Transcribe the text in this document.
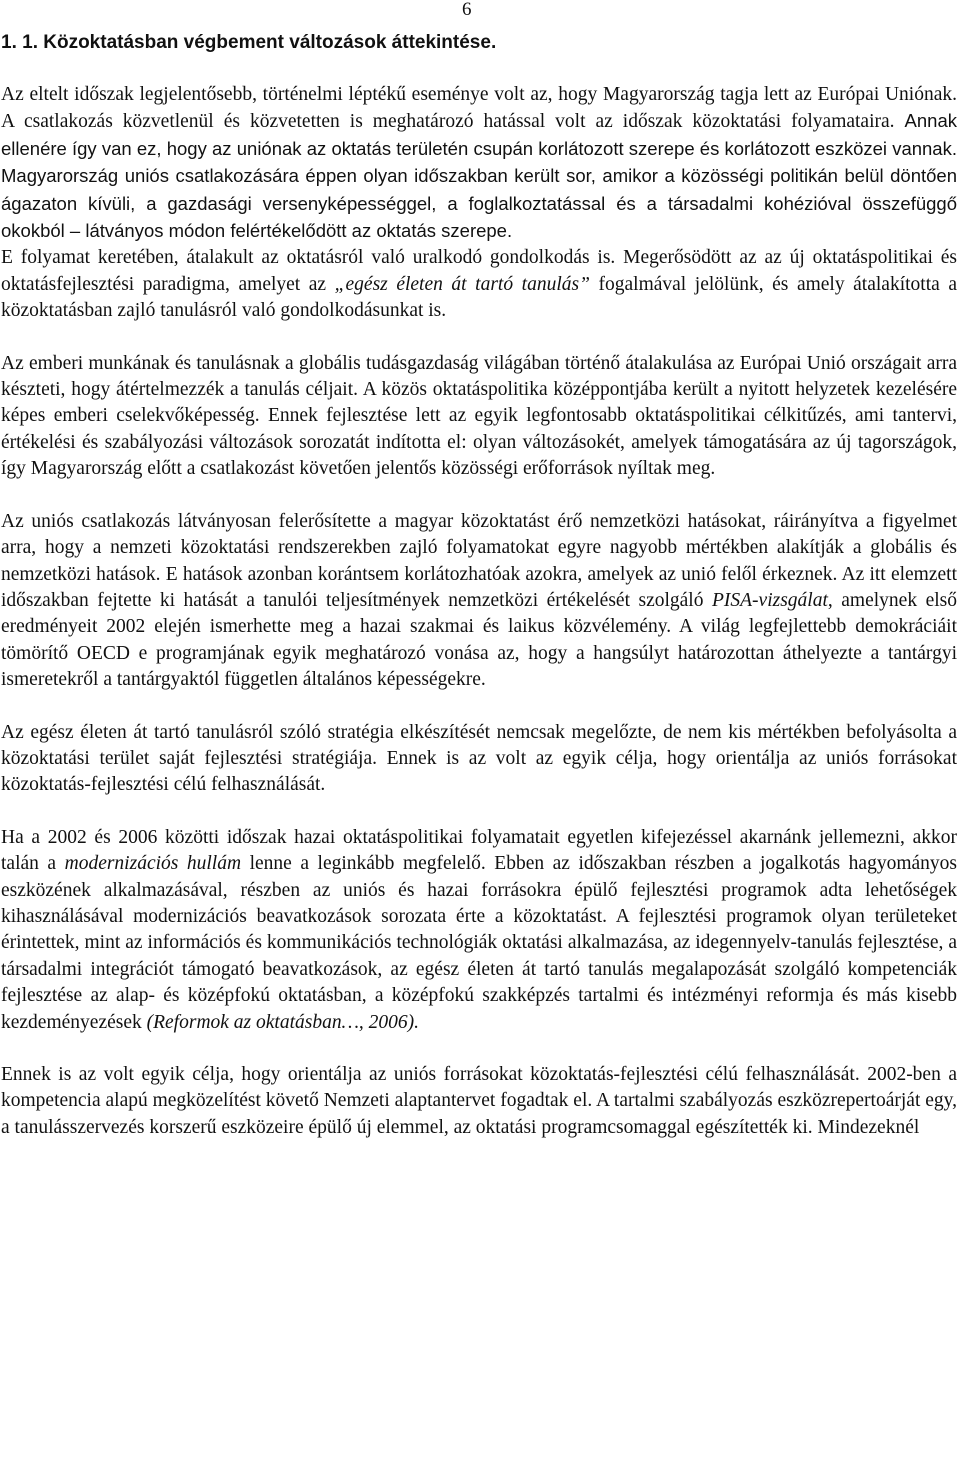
6
1. 1. Közoktatásban végbement változások áttekintése.

Az eltelt időszak legjelentősebb, történelmi léptékű eseménye volt az, hogy Magyarország tagja lett az Európai Uniónak. A csatlakozás közvetlenül és közvetetten is meghatározó hatással volt az időszak közoktatási folyamataira. Annak ellenére így van ez, hogy az uniónak az oktatás területén csupán korlátozott szerepe és korlátozott eszközei vannak. Magyarország uniós csatlakozására éppen olyan időszakban került sor, amikor a közösségi politikán belül döntően ágazaton kívüli, a gazdasági versenyképességgel, a foglalkoztatással és a társadalmi kohézióval összefüggő okokból – látványos módon felértékelődött az oktatás szerepe.

E folyamat keretében, átalakult az oktatásról való uralkodó gondolkodás is. Megerősödött az az új oktatáspolitikai és oktatásfejlesztési paradigma, amelyet az „egész életen át tartó tanulás” fogalmával jelölünk, és amely átalakította a közoktatásban zajló tanulásról való gondolkodásunkat is.

Az emberi munkának és tanulásnak a globális tudásgazdaság világában történő átalakulása az Európai Unió országait arra készteti, hogy átértelmezzék a tanulás céljait. A közös oktatáspolitika középpontjába került a nyitott helyzetek kezelésére képes emberi cselekvőképesség. Ennek fejlesztése lett az egyik legfontosabb oktatáspolitikai célkitűzés, ami tantervi, értékelési és szabályozási változások sorozatát indította el: olyan változásokét, amelyek támogatására az új tagországok, így Magyarország előtt a csatlakozást követően jelentős közösségi erőforrások nyíltak meg.

Az uniós csatlakozás látványosan felerősítette a magyar közoktatást érő nemzetközi hatásokat, ráirányítva a figyelmet arra, hogy a nemzeti közoktatási rendszerekben zajló folyamatokat egyre nagyobb mértékben alakítják a globális és nemzetközi hatások. E hatások azonban korántsem korlátozhatóak azokra, amelyek az unió felől érkeznek. Az itt elemzett időszakban fejtette ki hatását a tanulói teljesítmények nemzetközi értékelését szolgáló PISA-vizsgálat, amelynek első eredményeit 2002 elején ismerhette meg a hazai szakmai és laikus közvélemény. A világ legfejlettebb demokráciáit tömörítő OECD e programjának egyik meghatározó vonása az, hogy a hangsúlyt határozottan áthelyezte a tantárgyi ismeretekről a tantárgyaktól független általános képességekre.

Az egész életen át tartó tanulásról szóló stratégia elkészítését nemcsak megelőzte, de nem kis mértékben befolyásolta a közoktatási terület saját fejlesztési stratégiája. Ennek is az volt az egyik célja, hogy orientálja az uniós forrásokat közoktatás-fejlesztési célú felhasználását.

Ha a 2002 és 2006 közötti időszak hazai oktatáspolitikai folyamatait egyetlen kifejezéssel akarnánk jellemezni, akkor talán a modernizációs hullám lenne a leginkább megfelelő. Ebben az időszakban részben a jogalkotás hagyományos eszközének alkalmazásával, részben az uniós és hazai forrásokra épülő fejlesztési programok adta lehetőségek kihasználásával modernizációs beavatkozások sorozata érte a közoktatást. A fejlesztési programok olyan területeket érintettek, mint az információs és kommunikációs technológiák oktatási alkalmazása, az idegennyelv-tanulás fejlesztése, a társadalmi integrációt támogató beavatkozások, az egész életen át tartó tanulás megalapozását szolgáló kompetenciák fejlesztése az alap- és középfokú oktatásban, a középfokú szakképzés tartalmi és intézményi reformja és más kisebb kezdeményezések (Reformok az oktatásban…, 2006).

Ennek is az volt egyik célja, hogy orientálja az uniós forrásokat közoktatás-fejlesztési célú felhasználását. 2002-ben a kompetencia alapú megközelítést követő Nemzeti alaptantervet fogadtak el. A tartalmi szabályozás eszközrepertoárját egy, a tanulásszervezés korszerű eszközeire épülő új elemmel, az oktatási programcsomaggal egészítették ki. Mindezeknél
